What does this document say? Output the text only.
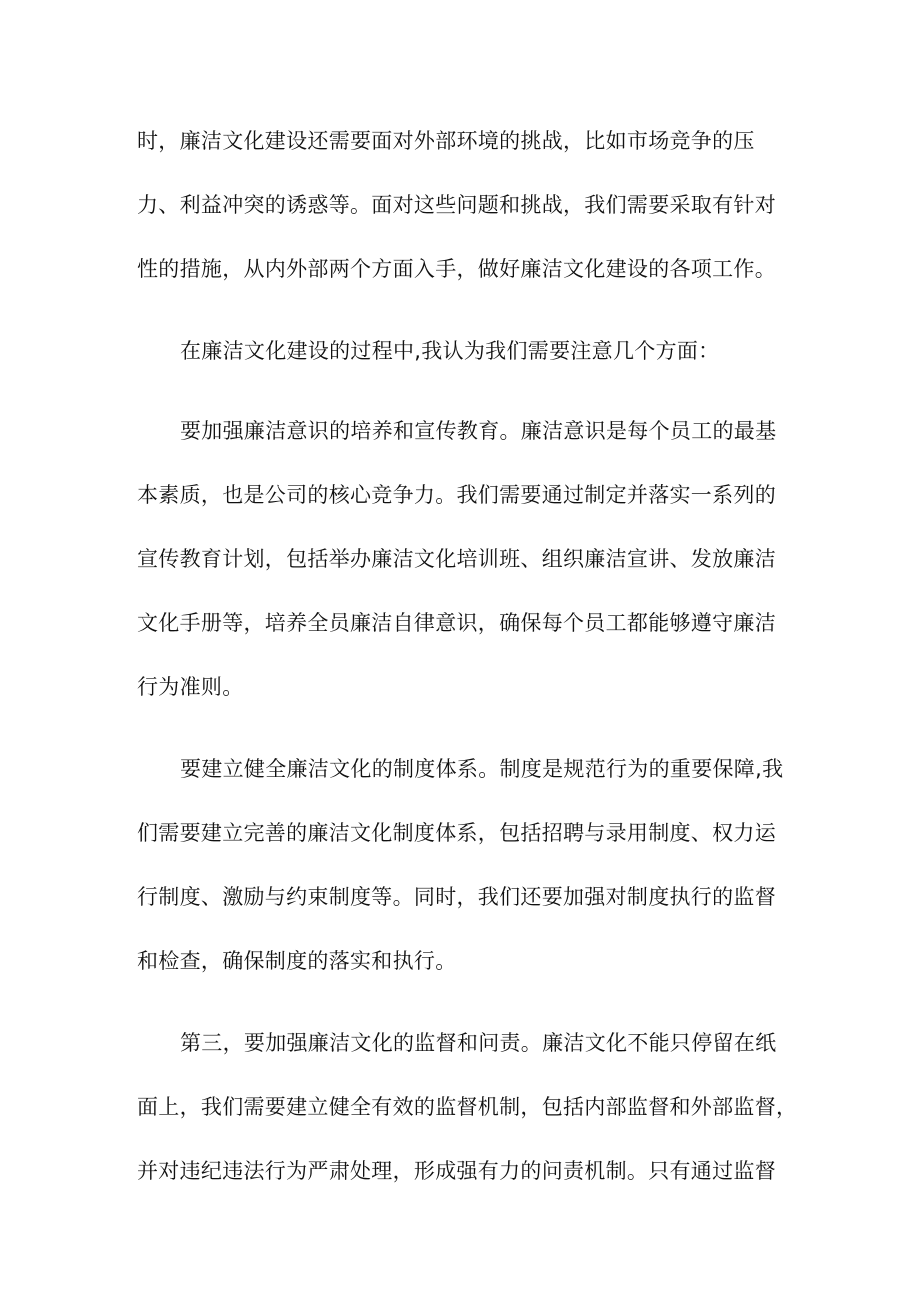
时，廉洁文化建设还需要面对外部环境的挑战，比如市场竞争的压
力、利益冲突的诱惑等。面对这些问题和挑战，我们需要采取有针对
性的措施，从内外部两个方面入手，做好廉洁文化建设的各项工作。
在廉洁文化建设的过程中,我认为我们需要注意几个方面：
要加强廉洁意识的培养和宣传教育。廉洁意识是每个员工的最基
本素质，也是公司的核心竞争力。我们需要通过制定并落实一系列的
宣传教育计划，包括举办廉洁文化培训班、组织廉洁宣讲、发放廉洁
文化手册等，培养全员廉洁自律意识，确保每个员工都能够遵守廉洁
行为准则。
要建立健全廉洁文化的制度体系。制度是规范行为的重要保障,我
们需要建立完善的廉洁文化制度体系，包括招聘与录用制度、权力运
行制度、激励与约束制度等。同时，我们还要加强对制度执行的监督
和检查，确保制度的落实和执行。
第三，要加强廉洁文化的监督和问责。廉洁文化不能只停留在纸
面上，我们需要建立健全有效的监督机制，包括内部监督和外部监督，
并对违纪违法行为严肃处理，形成强有力的问责机制。只有通过监督
